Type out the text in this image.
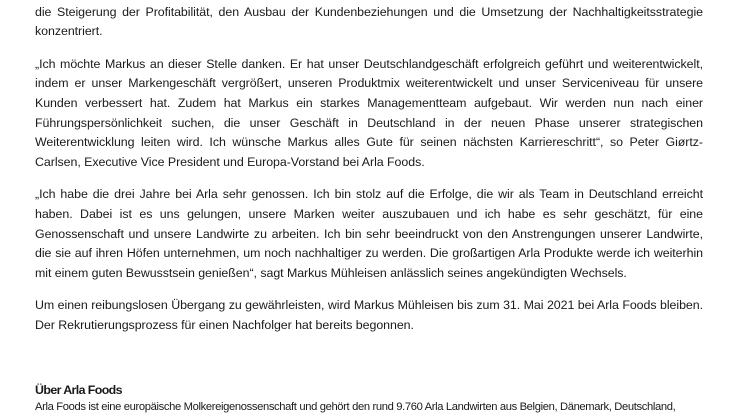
die Steigerung der Profitabilität, den Ausbau der Kundenbeziehungen und die Umsetzung der Nachhaltigkeitsstrategie konzentriert.

„Ich möchte Markus an dieser Stelle danken. Er hat unser Deutschlandgeschäft erfolgreich geführt und weiterentwickelt, indem er unser Markengeschäft vergrößert, unseren Produktmix weiterentwickelt und unser Serviceniveau für unsere Kunden verbessert hat. Zudem hat Markus ein starkes Managementteam aufgebaut. Wir werden nun nach einer Führungspersönlichkeit suchen, die unser Geschäft in Deutschland in der neuen Phase unserer strategischen Weiterentwicklung leiten wird. Ich wünsche Markus alles Gute für seinen nächsten Karriereschritt“, so Peter Giørtz-Carlsen, Executive Vice President und Europa-Vorstand bei Arla Foods.

„Ich habe die drei Jahre bei Arla sehr genossen. Ich bin stolz auf die Erfolge, die wir als Team in Deutschland erreicht haben. Dabei ist es uns gelungen, unsere Marken weiter auszubauen und ich habe es sehr geschätzt, für eine Genossenschaft und unsere Landwirte zu arbeiten. Ich bin sehr beeindruckt von den Anstrengungen unserer Landwirte, die sie auf ihren Höfen unternehmen, um noch nachhaltiger zu werden. Die großartigen Arla Produkte werde ich weiterhin mit einem guten Bewusstsein genießen“, sagt Markus Mühleisen anlässlich seines angekündigten Wechsels.

Um einen reibungslosen Übergang zu gewährleisten, wird Markus Mühleisen bis zum 31. Mai 2021 bei Arla Foods bleiben. Der Rekrutierungsprozess für einen Nachfolger hat bereits begonnen.

Über Arla Foods

Arla Foods ist eine europäische Molkereigenossenschaft und gehört den rund 9.760 Arla Landwirten aus Belgien, Dänemark, Deutschland,
